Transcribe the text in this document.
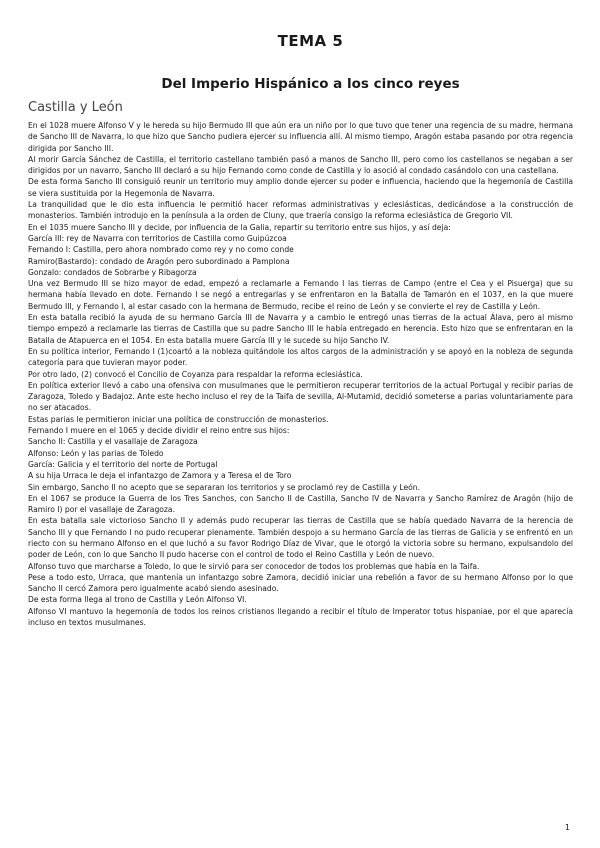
TEMA 5
Del Imperio Hispánico a los cinco reyes
Castilla y León

En el 1028 muere Alfonso V y le hereda su hijo Bermudo III que aún era un niño por lo que tuvo que tener una regencia de su madre, hermana de Sancho III de Navarra, lo que hizo que Sancho pudiera ejercer su influencia allí. Al mismo tiempo, Aragón estaba pasando por otra regencia dirigida por Sancho III.

Al morir García Sánchez de Castilla, el territorio castellano también pasó a manos de Sancho III, pero como los castellanos se negaban a ser dirigidos por un navarro, Sancho III declaró a su hijo Fernando como conde de Castilla y lo asoció al condado casándolo con una castellana.

De esta forma Sancho III consiguió reunir un territorio muy amplio donde ejercer su poder e influencia, haciendo que la hegemonía de Castilla se viera sustituida por la Hegemonía de Navarra.

La tranquilidad que le dio esta influencia le permitió hacer reformas administrativas y eclesiásticas, dedicándose a la construcción de monasterios. También introdujo en la península a la orden de Cluny, que traería consigo la reforma eclesiástica de Gregorio VII.

En el 1035 muere Sancho III y decide, por influencia de la Galia, repartir su territorio entre sus hijos, y así deja:

García III: rey de Navarra con territorios de Castilla como Guipúzcoa

Fernando I: Castilla, pero ahora nombrado como rey y no como conde

Ramiro(Bastardo): condado de Aragón pero subordinado a Pamplona

Gonzalo: condados de Sobrarbe y Ribagorza

Una vez Bermudo III se hizo mayor de edad, empezó a reclamarle a Fernando I las tierras de Campo (entre el Cea y el Pisuerga) que su hermana había llevado en dote. Fernando I se negó a entregarlas y se enfrentaron en la Batalla de Tamarón en el 1037, en la que muere Bermudo III, y Fernando I, al estar casado con la hermana de Bermudo, recibe el reino de León y se convierte el rey de Castilla y León.

En esta batalla recibió la ayuda de su hermano García III de Navarra y a cambio le entregó unas tierras de la actual Álava, pero al mismo tiempo empezó a reclamarle las tierras de Castilla que su padre Sancho III le había entregado en herencia. Esto hizo que se enfrentaran en la Batalla de Atapuerca en el 1054. En esta batalla muere García III y le sucede su hijo Sancho IV.

En su política interior, Fernando I (1)coartó a la nobleza quitándole los altos cargos de la administración y se apoyó en la nobleza de segunda categoría para que tuvieran mayor poder.

Por otro lado, (2) convocó el Concilio de Coyanza para respaldar la reforma eclesiástica.

En política exterior llevó a cabo una ofensiva con musulmanes que le permitieron recuperar territorios de la actual Portugal y recibir parias de Zaragoza, Toledo y Badajoz. Ante este hecho incluso el rey de la Taifa de sevilla, Al-Mutamid, decidió someterse a parias voluntariamente para no ser atacados.

Estas parias le permitieron iniciar una política de construcción de monasterios.

Fernando I muere en el 1065 y decide dividir el reino entre sus hijos:

Sancho II: Castilla y el vasallaje de Zaragoza

Alfonso: León y las parias de Toledo

García: Galicia y el territorio del norte de Portugal

A su hija Urraca le deja el infantazgo de Zamora y a Teresa el de Toro

Sin embargo, Sancho II no acepto que se separaran los territorios y se proclamó rey de Castilla y León.

En el 1067 se produce la Guerra de los Tres Sanchos, con Sancho II de Castilla, Sancho IV de Navarra y Sancho Ramírez de Aragón (hijo de Ramiro I) por el vasallaje de Zaragoza.

En esta batalla sale victorioso Sancho II y además pudo recuperar las tierras de Castilla que se había quedado Navarra de la herencia de Sancho III y que Fernando I no pudo recuperar plenamente. También despojo a su hermano García de las tierras de Galicia y se enfrentó en un riecto con su hermano Alfonso en el que luchó a su favor Rodrigo Díaz de Vivar, que le otorgó la victoria sobre su hermano, expulsandolo del poder de León, con lo que Sancho II pudo hacerse con el control de todo el Reino Castilla y León de nuevo.

Alfonso tuvo que marcharse a Toledo, lo que le sirvió para ser conocedor de todos los problemas que había en la Taifa.

Pese a todo esto, Urraca, que mantenía un infantazgo sobre Zamora, decidió iniciar una rebelión a favor de su hermano Alfonso por lo que Sancho II cercó Zamora pero igualmente acabó siendo asesinado.

De esta forma llega al trono de Castilla y León Alfonso VI.

Alfonso VI mantuvo la hegemonía de todos los reinos cristianos llegando a recibir el título de Imperator totus hispaniae, por el que aparecía incluso en textos musulmanes.

1
